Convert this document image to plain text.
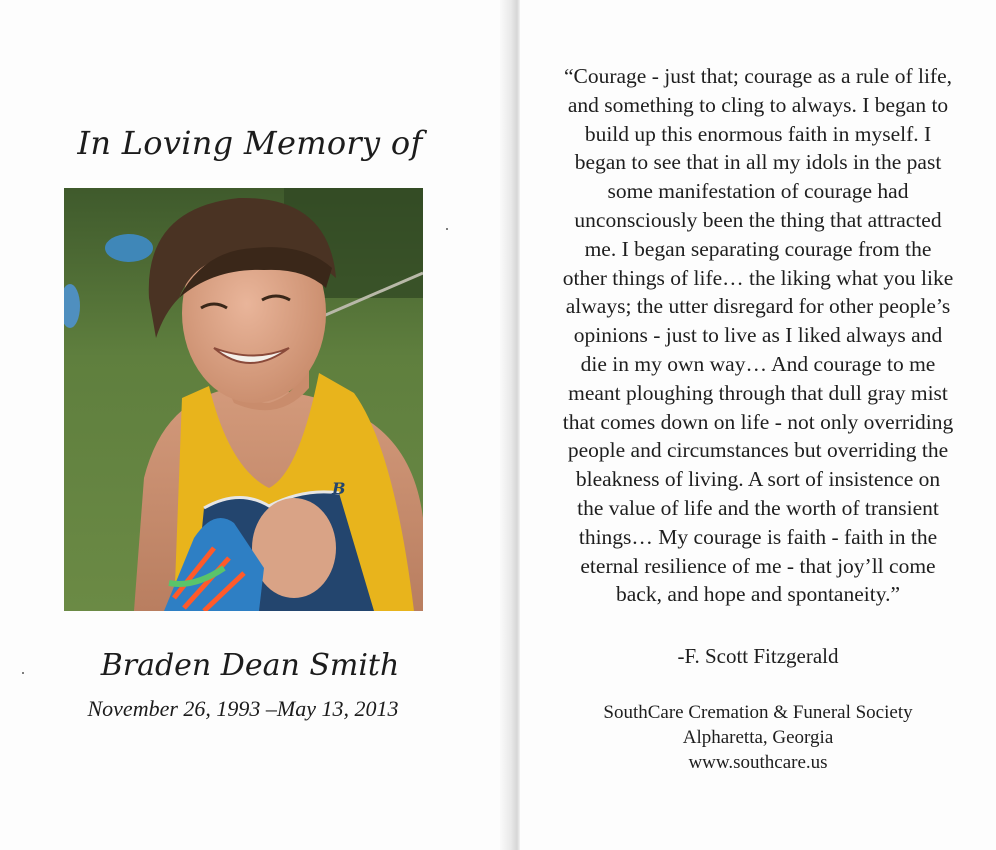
In Loving Memory of
B
Braden Dean Smith
November 26, 1993 –May 13, 2013
“Courage - just that; courage as a rule of life,
and something to cling to always. I began to
build up this enormous faith in myself. I
began to see that in all my idols in the past
some manifestation of courage had
unconsciously been the thing that attracted
me. I began separating courage from the
other things of life… the liking what you like
always; the utter disregard for other people’s
opinions - just to live as I liked always and
die in my own way… And courage to me
meant ploughing through that dull gray mist
that comes down on life - not only overriding
people and circumstances but overriding the
bleakness of living. A sort of insistence on
the value of life and the worth of transient
things… My courage is faith - faith in the
eternal resilience of me - that joy’ll come
back, and hope and spontaneity.”
-F. Scott Fitzgerald
SouthCare Cremation & Funeral Society
Alpharetta, Georgia
www.southcare.us
